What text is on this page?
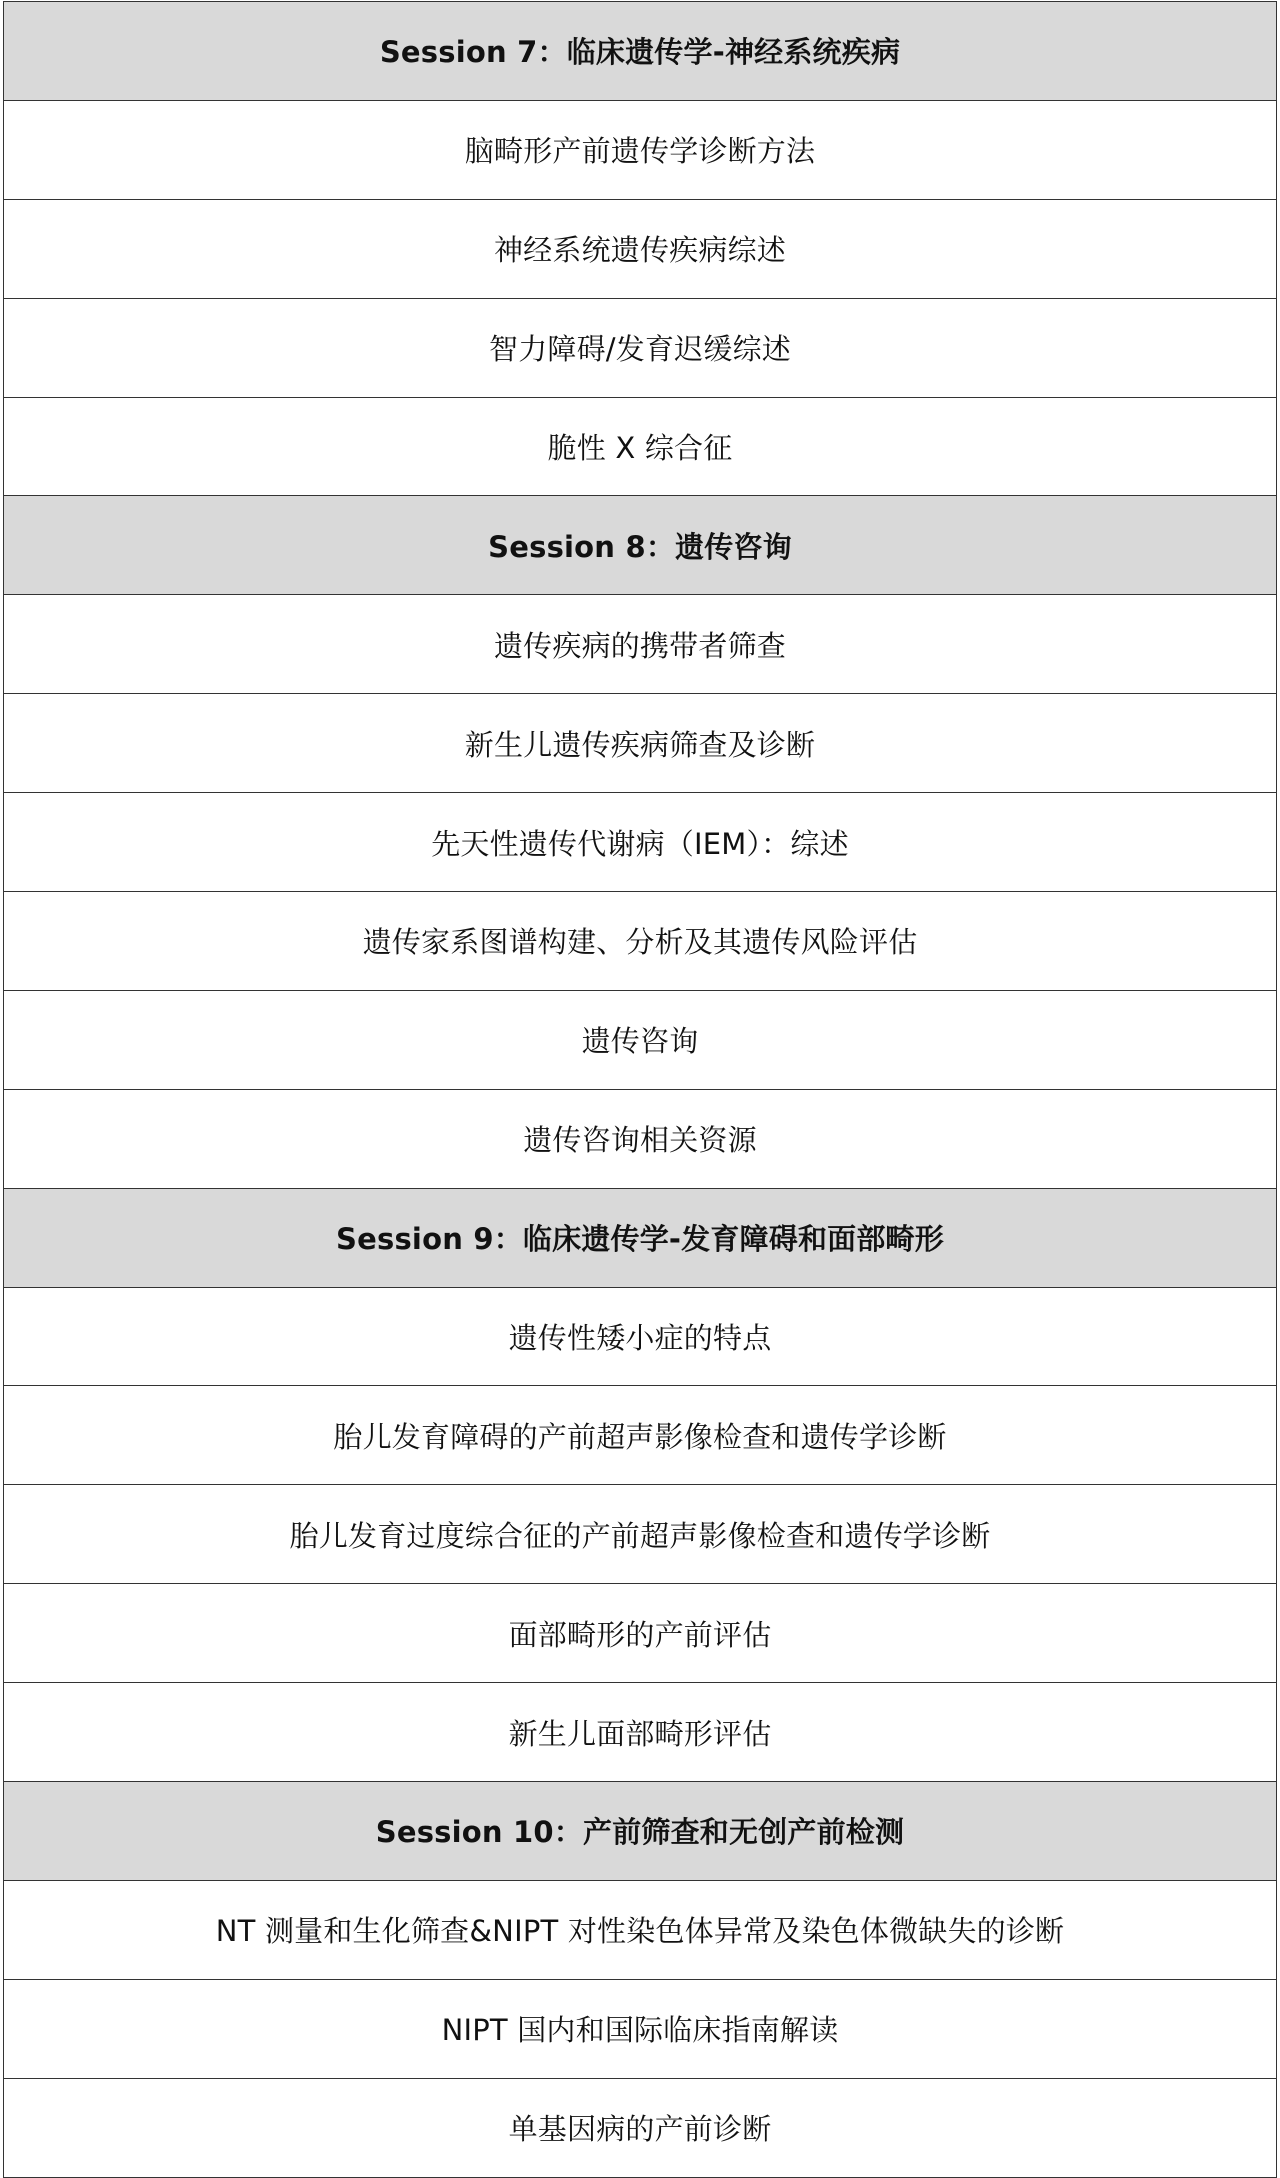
Session 7：临床遗传学-神经系统疾病
脑畸形产前遗传学诊断方法
神经系统遗传疾病综述
智力障碍/发育迟缓综述
脆性 X 综合征
Session 8：遗传咨询
遗传疾病的携带者筛查
新生儿遗传疾病筛查及诊断
先天性遗传代谢病（IEM）：综述
遗传家系图谱构建、分析及其遗传风险评估
遗传咨询
遗传咨询相关资源
Session 9：临床遗传学-发育障碍和面部畸形
遗传性矮小症的特点
胎儿发育障碍的产前超声影像检查和遗传学诊断
胎儿发育过度综合征的产前超声影像检查和遗传学诊断
面部畸形的产前评估
新生儿面部畸形评估
Session 10：产前筛查和无创产前检测
NT 测量和生化筛查&NIPT 对性染色体异常及染色体微缺失的诊断
NIPT 国内和国际临床指南解读
单基因病的产前诊断
